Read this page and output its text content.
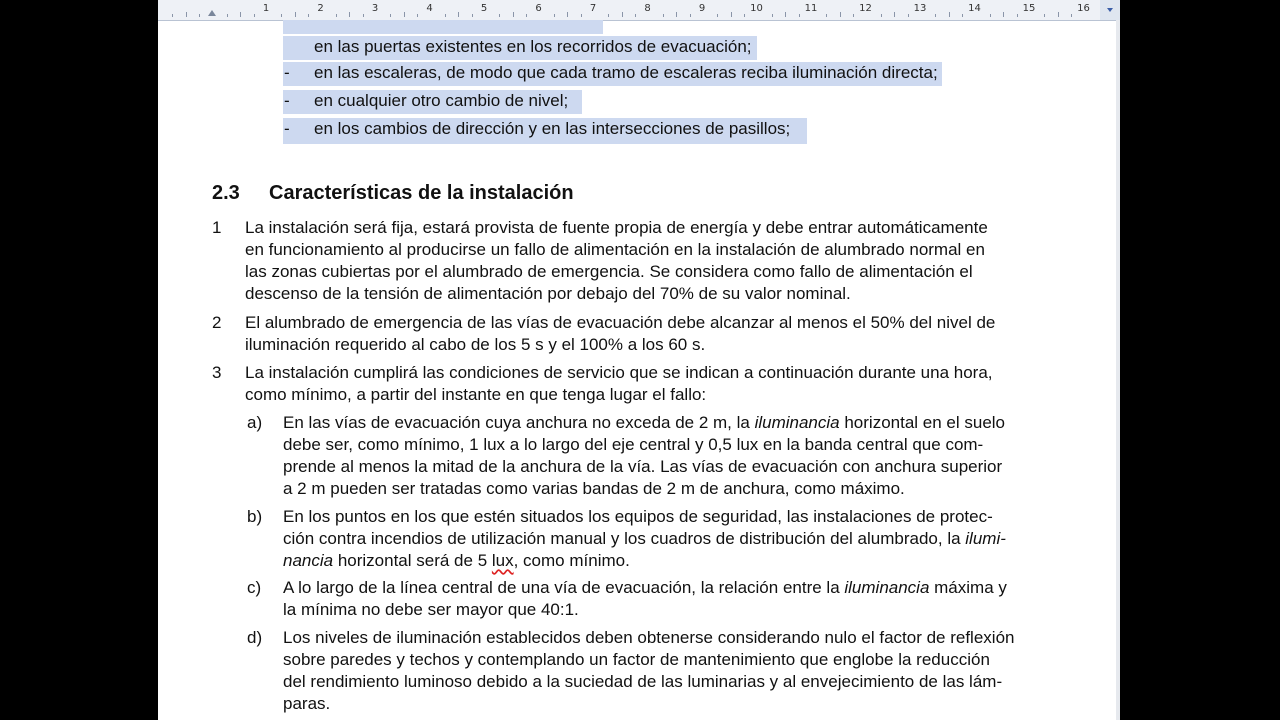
1	2	3	4	5	6	7	8	9	10	11	12	13	14	15	16
en las puertas existentes en los recorridos de evacuación;
en las escaleras, de modo que cada tramo de escaleras reciba iluminación directa;
-
en cualquier otro cambio de nivel;
-
en los cambios de dirección y en las intersecciones de pasillos;
-
2.3 Características de la instalación
1 La instalación será fija, estará provista de fuente propia de energía y debe entrar automáticamente
en funcionamiento al producirse un fallo de alimentación en la instalación de alumbrado normal en
las zonas cubiertas por el alumbrado de emergencia. Se considera como fallo de alimentación el
descenso de la tensión de alimentación por debajo del 70% de su valor nominal.
2 El alumbrado de emergencia de las vías de evacuación debe alcanzar al menos el 50% del nivel de
iluminación requerido al cabo de los 5 s y el 100% a los 60 s.
3 La instalación cumplirá las condiciones de servicio que se indican a continuación durante una hora,
como mínimo, a partir del instante en que tenga lugar el fallo:
a) En las vías de evacuación cuya anchura no exceda de 2 m, la iluminancia horizontal en el suelo
debe ser, como mínimo, 1 lux a lo largo del eje central y 0,5 lux en la banda central que com-
prende al menos la mitad de la anchura de la vía. Las vías de evacuación con anchura superior
a 2 m pueden ser tratadas como varias bandas de 2 m de anchura, como máximo.
b) En los puntos en los que estén situados los equipos de seguridad, las instalaciones de protec-
ción contra incendios de utilización manual y los cuadros de distribución del alumbrado, la ilumi-
nancia horizontal será de 5 lux, como mínimo.
c) A lo largo de la línea central de una vía de evacuación, la relación entre la iluminancia máxima y
la mínima no debe ser mayor que 40:1.
d) Los niveles de iluminación establecidos deben obtenerse considerando nulo el factor de reflexión
sobre paredes y techos y contemplando un factor de mantenimiento que englobe la reducción
del rendimiento luminoso debido a la suciedad de las luminarias y al envejecimiento de las lám-
paras.
